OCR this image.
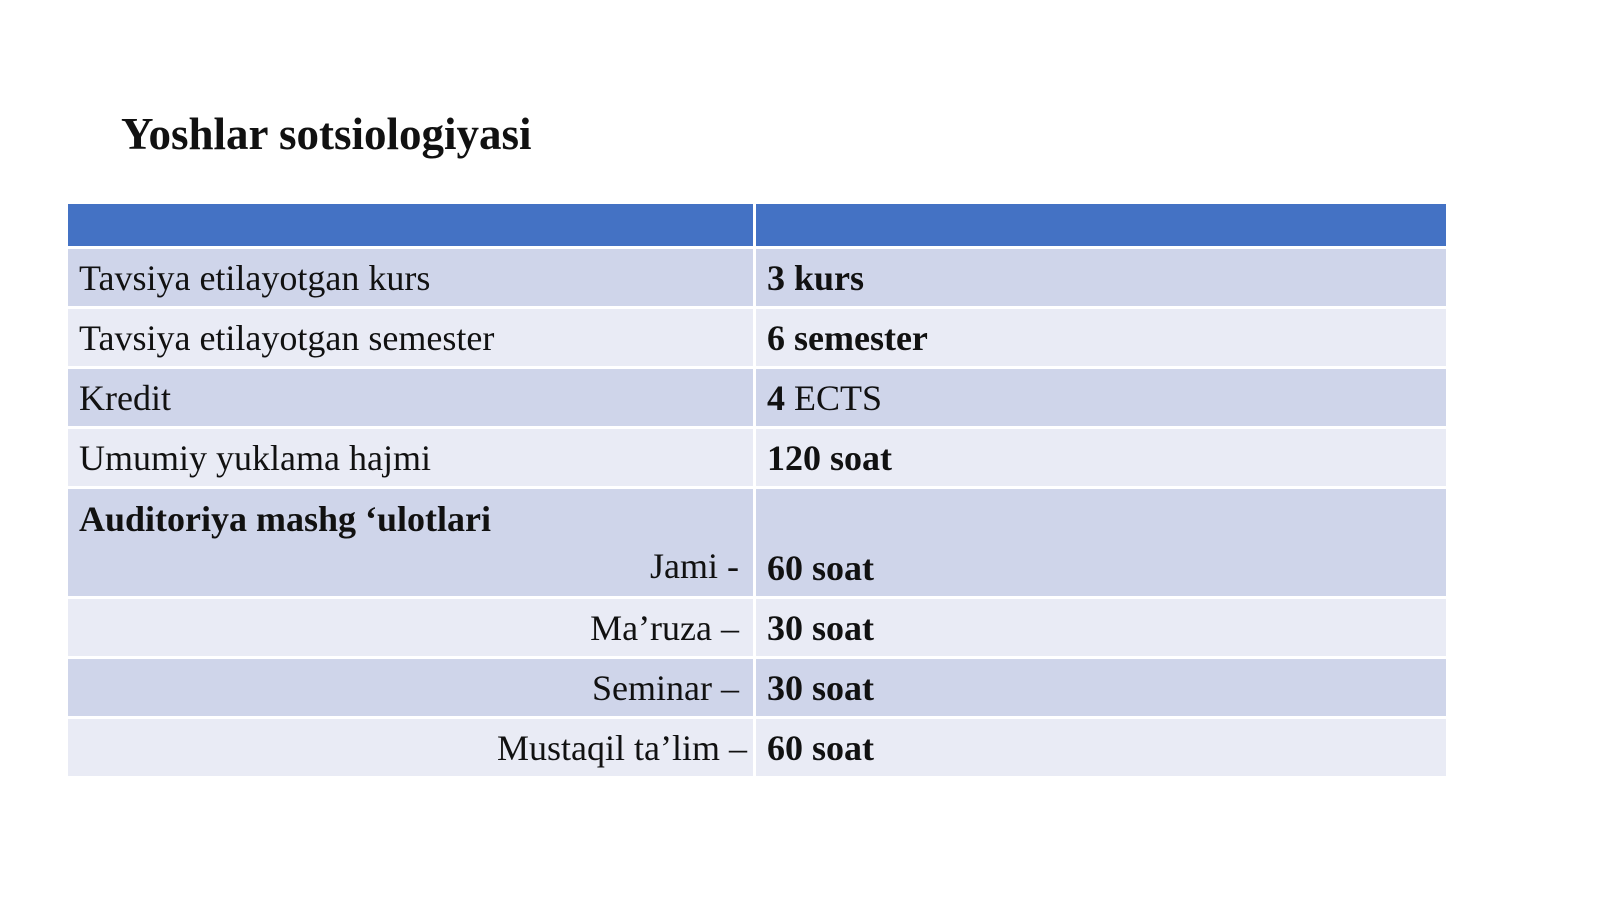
Yoshlar sotsiologiyasi

Tavsiya etilayotgan kurs	3 kurs
Tavsiya etilayotgan semester	6 semester
Kredit	4 ECTS
Umumiy yuklama hajmi	120 soat

Auditoriya mashg ‘ulotlari
Jami -	60 soat

Ma’ruza –	30 soat
Seminar –	30 soat
Mustaqil ta’lim –	60 soat
